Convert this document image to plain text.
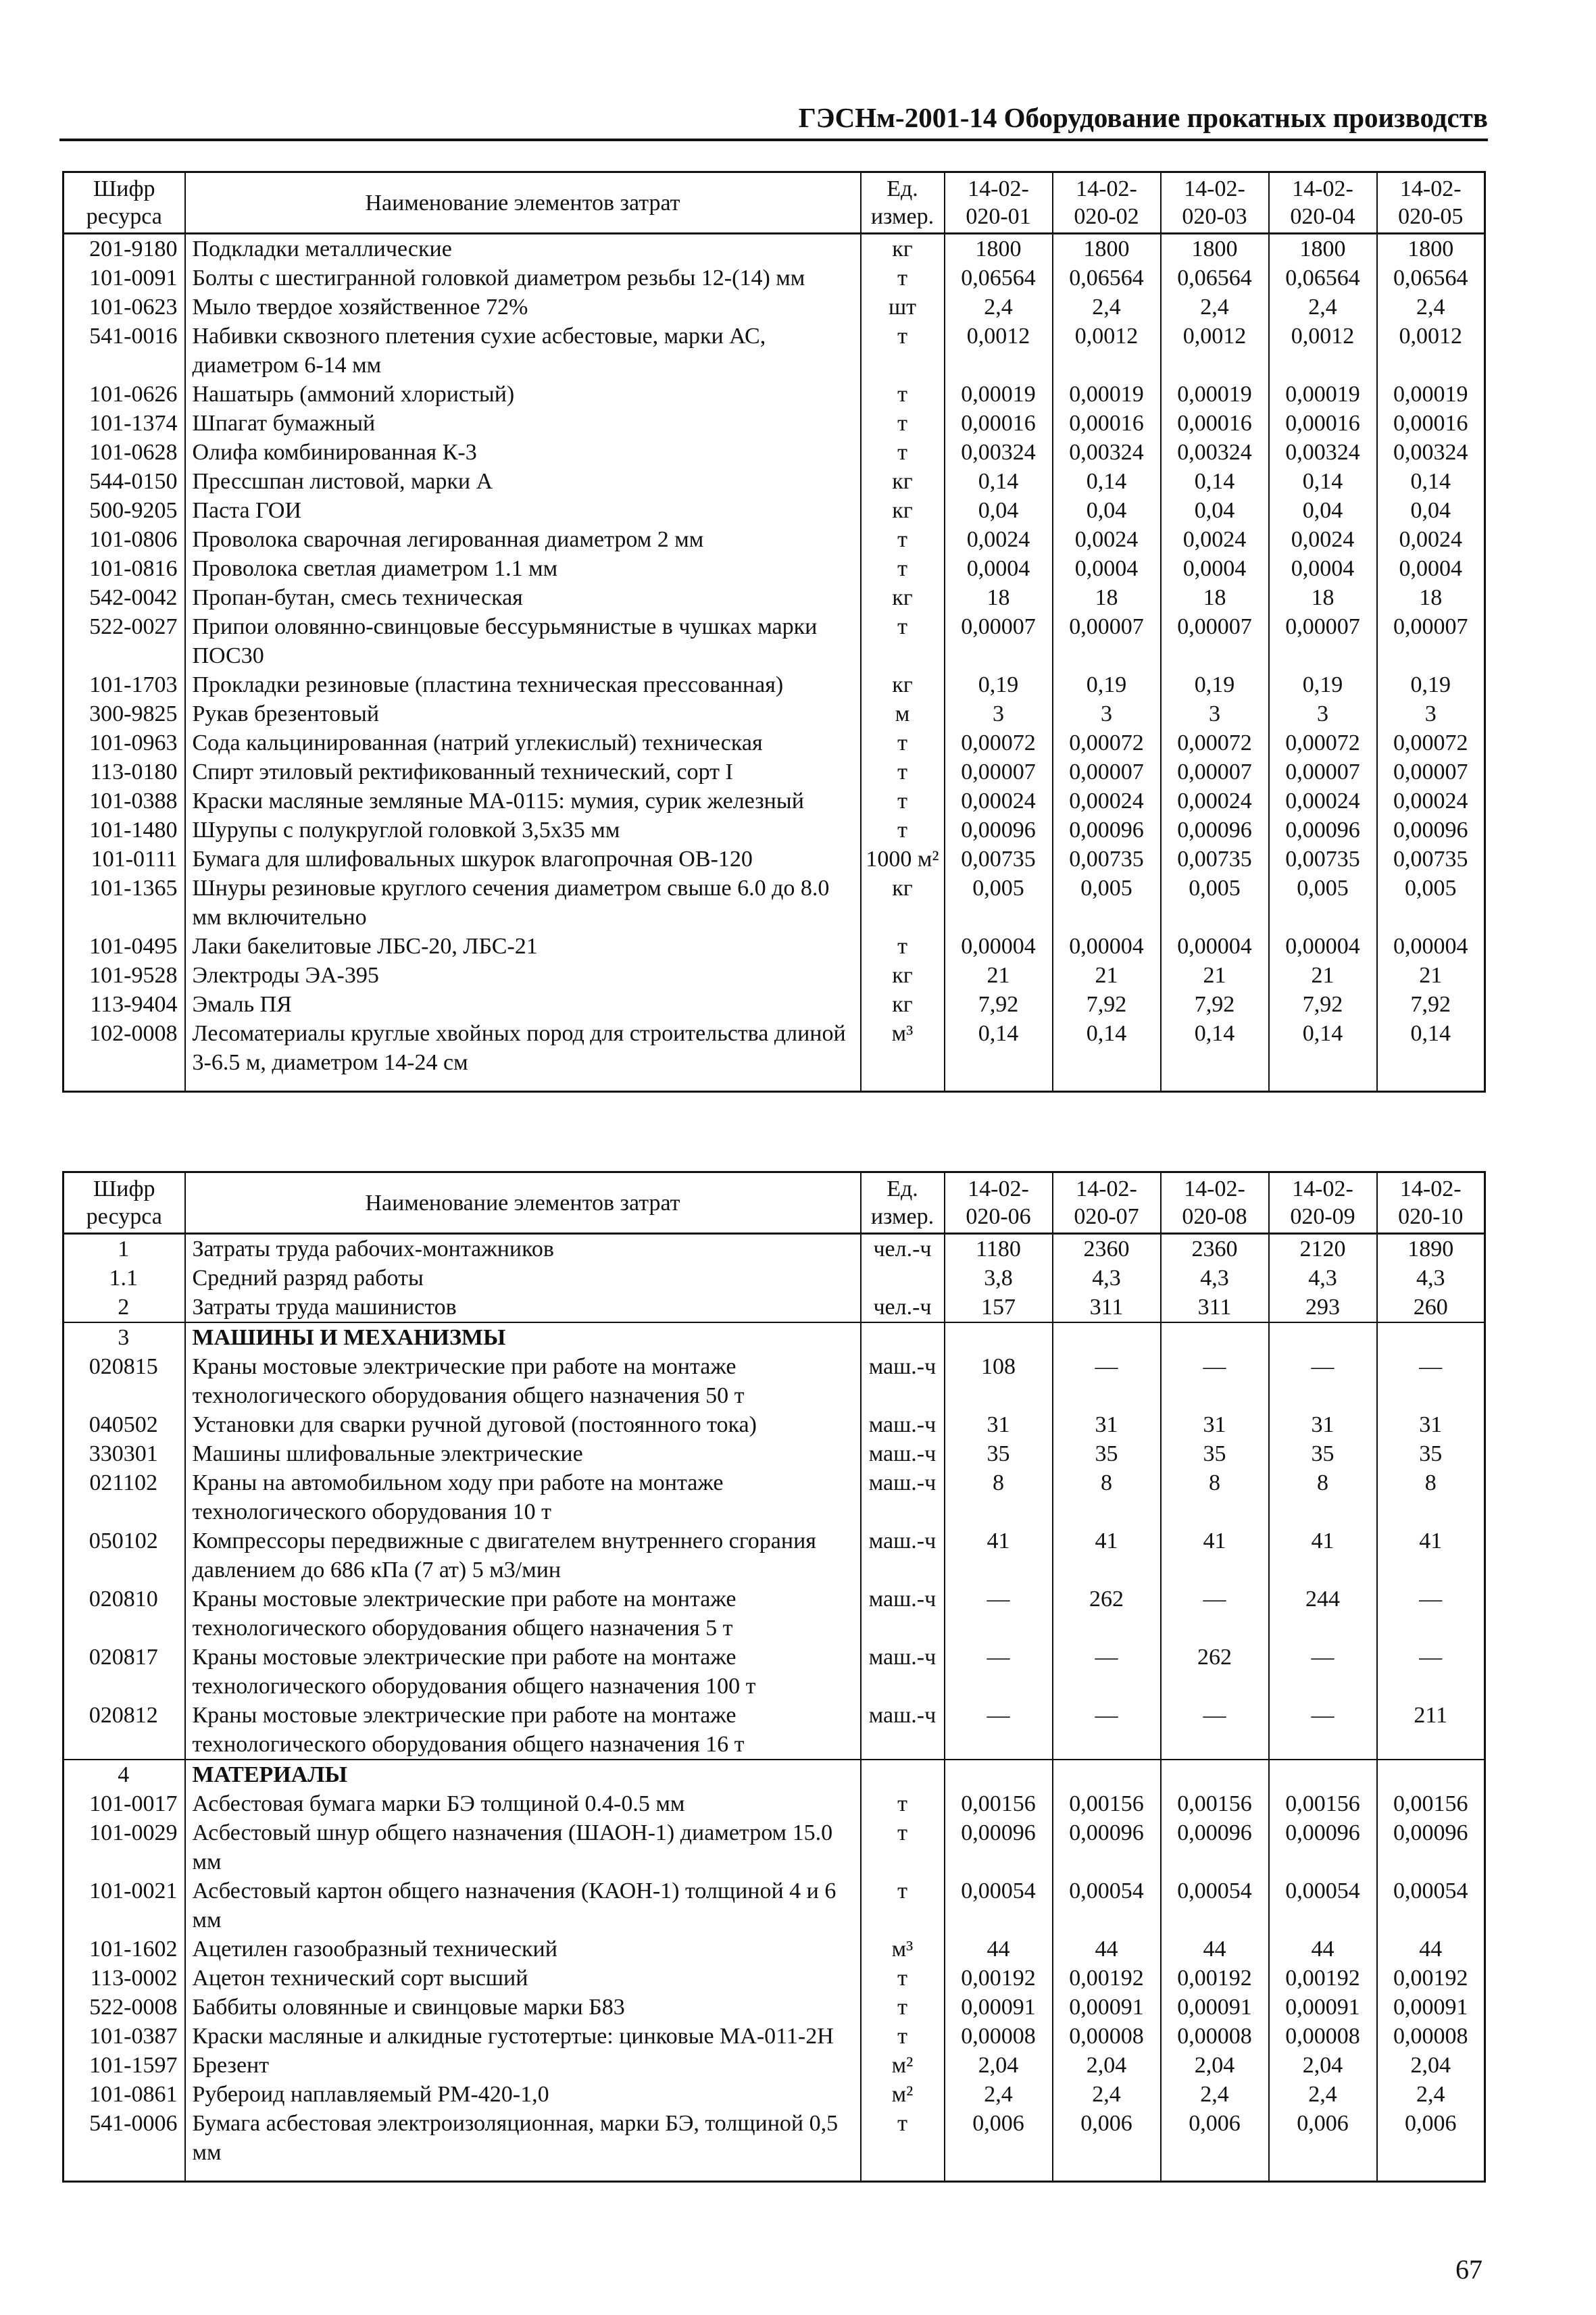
ГЭСНм-2001-14 Оборудование прокатных производств
Шифр ресурса	Наименование элементов затрат	Ед. измер.	14-02-020-01	14-02-020-02	14-02-020-03	14-02-020-04	14-02-020-05
201-9180	Подкладки металлические	кг	1800	1800	1800	1800	1800
101-0091	Болты с шестигранной головкой диаметром резьбы 12-(14) мм	т	0,06564	0,06564	0,06564	0,06564	0,06564
101-0623	Мыло твердое хозяйственное 72%	шт	2,4	2,4	2,4	2,4	2,4
541-0016	Набивки сквозного плетения сухие асбестовые, марки АС, диаметром 6-14 мм	т	0,0012	0,0012	0,0012	0,0012	0,0012
101-0626	Нашатырь (аммоний хлористый)	т	0,00019	0,00019	0,00019	0,00019	0,00019
101-1374	Шпагат бумажный	т	0,00016	0,00016	0,00016	0,00016	0,00016
101-0628	Олифа комбинированная К-3	т	0,00324	0,00324	0,00324	0,00324	0,00324
544-0150	Прессшпан листовой, марки А	кг	0,14	0,14	0,14	0,14	0,14
500-9205	Паста ГОИ	кг	0,04	0,04	0,04	0,04	0,04
101-0806	Проволока сварочная легированная диаметром 2 мм	т	0,0024	0,0024	0,0024	0,0024	0,0024
101-0816	Проволока светлая диаметром 1.1 мм	т	0,0004	0,0004	0,0004	0,0004	0,0004
542-0042	Пропан-бутан, смесь техническая	кг	18	18	18	18	18
522-0027	Припои оловянно-свинцовые бессурьмянистые в чушках марки ПОС30	т	0,00007	0,00007	0,00007	0,00007	0,00007
101-1703	Прокладки резиновые (пластина техническая прессованная)	кг	0,19	0,19	0,19	0,19	0,19
300-9825	Рукав брезентовый	м	3	3	3	3	3
101-0963	Сода кальцинированная (натрий углекислый) техническая	т	0,00072	0,00072	0,00072	0,00072	0,00072
113-0180	Спирт этиловый ректификованный технический, сорт I	т	0,00007	0,00007	0,00007	0,00007	0,00007
101-0388	Краски масляные земляные МА-0115: мумия, сурик железный	т	0,00024	0,00024	0,00024	0,00024	0,00024
101-1480	Шурупы с полукруглой головкой 3,5x35 мм	т	0,00096	0,00096	0,00096	0,00096	0,00096
101-0111	Бумага для шлифовальных шкурок влагопрочная ОВ-120	1000 м²	0,00735	0,00735	0,00735	0,00735	0,00735
101-1365	Шнуры резиновые круглого сечения диаметром свыше 6.0 до 8.0 мм включительно	кг	0,005	0,005	0,005	0,005	0,005
101-0495	Лаки бакелитовые ЛБС-20, ЛБС-21	т	0,00004	0,00004	0,00004	0,00004	0,00004
101-9528	Электроды ЭА-395	кг	21	21	21	21	21
113-9404	Эмаль ПЯ	кг	7,92	7,92	7,92	7,92	7,92
102-0008	Лесоматериалы круглые хвойных пород для строительства длиной 3-6.5 м, диаметром 14-24 см	м³	0,14	0,14	0,14	0,14	0,14

Шифр ресурса	Наименование элементов затрат	Ед. измер.	14-02-020-06	14-02-020-07	14-02-020-08	14-02-020-09	14-02-020-10
1	Затраты труда рабочих-монтажников	чел.-ч	1180	2360	2360	2120	1890
1.1	Средний разряд работы		3,8	4,3	4,3	4,3	4,3
2	Затраты труда машинистов	чел.-ч	157	311	311	293	260
3	МАШИНЫ И МЕХАНИЗМЫ						
020815	Краны мостовые электрические при работе на монтаже технологического оборудования общего назначения 50 т	маш.-ч	108	—	—	—	—
040502	Установки для сварки ручной дуговой (постоянного тока)	маш.-ч	31	31	31	31	31
330301	Машины шлифовальные электрические	маш.-ч	35	35	35	35	35
021102	Краны на автомобильном ходу при работе на монтаже технологического оборудования 10 т	маш.-ч	8	8	8	8	8
050102	Компрессоры передвижные с двигателем внутреннего сгорания давлением до 686 кПа (7 ат) 5 м3/мин	маш.-ч	41	41	41	41	41
020810	Краны мостовые электрические при работе на монтаже технологического оборудования общего назначения 5 т	маш.-ч	—	262	—	244	—
020817	Краны мостовые электрические при работе на монтаже технологического оборудования общего назначения 100 т	маш.-ч	—	—	262	—	—
020812	Краны мостовые электрические при работе на монтаже технологического оборудования общего назначения 16 т	маш.-ч	—	—	—	—	211
4	МАТЕРИАЛЫ						
101-0017	Асбестовая бумага марки БЭ толщиной 0.4-0.5 мм	т	0,00156	0,00156	0,00156	0,00156	0,00156
101-0029	Асбестовый шнур общего назначения (ШАОН-1) диаметром 15.0 мм	т	0,00096	0,00096	0,00096	0,00096	0,00096
101-0021	Асбестовый картон общего назначения (КАОН-1) толщиной 4 и 6 мм	т	0,00054	0,00054	0,00054	0,00054	0,00054
101-1602	Ацетилен газообразный технический	м³	44	44	44	44	44
113-0002	Ацетон технический сорт высший	т	0,00192	0,00192	0,00192	0,00192	0,00192
522-0008	Баббиты оловянные и свинцовые марки Б83	т	0,00091	0,00091	0,00091	0,00091	0,00091
101-0387	Краски масляные и алкидные густотертые: цинковые МА-011-2Н	т	0,00008	0,00008	0,00008	0,00008	0,00008
101-1597	Брезент	м²	2,04	2,04	2,04	2,04	2,04
101-0861	Рубероид наплавляемый РМ-420-1,0	м²	2,4	2,4	2,4	2,4	2,4
541-0006	Бумага асбестовая электроизоляционная, марки БЭ, толщиной 0,5 мм	т	0,006	0,006	0,006	0,006	0,006

67
